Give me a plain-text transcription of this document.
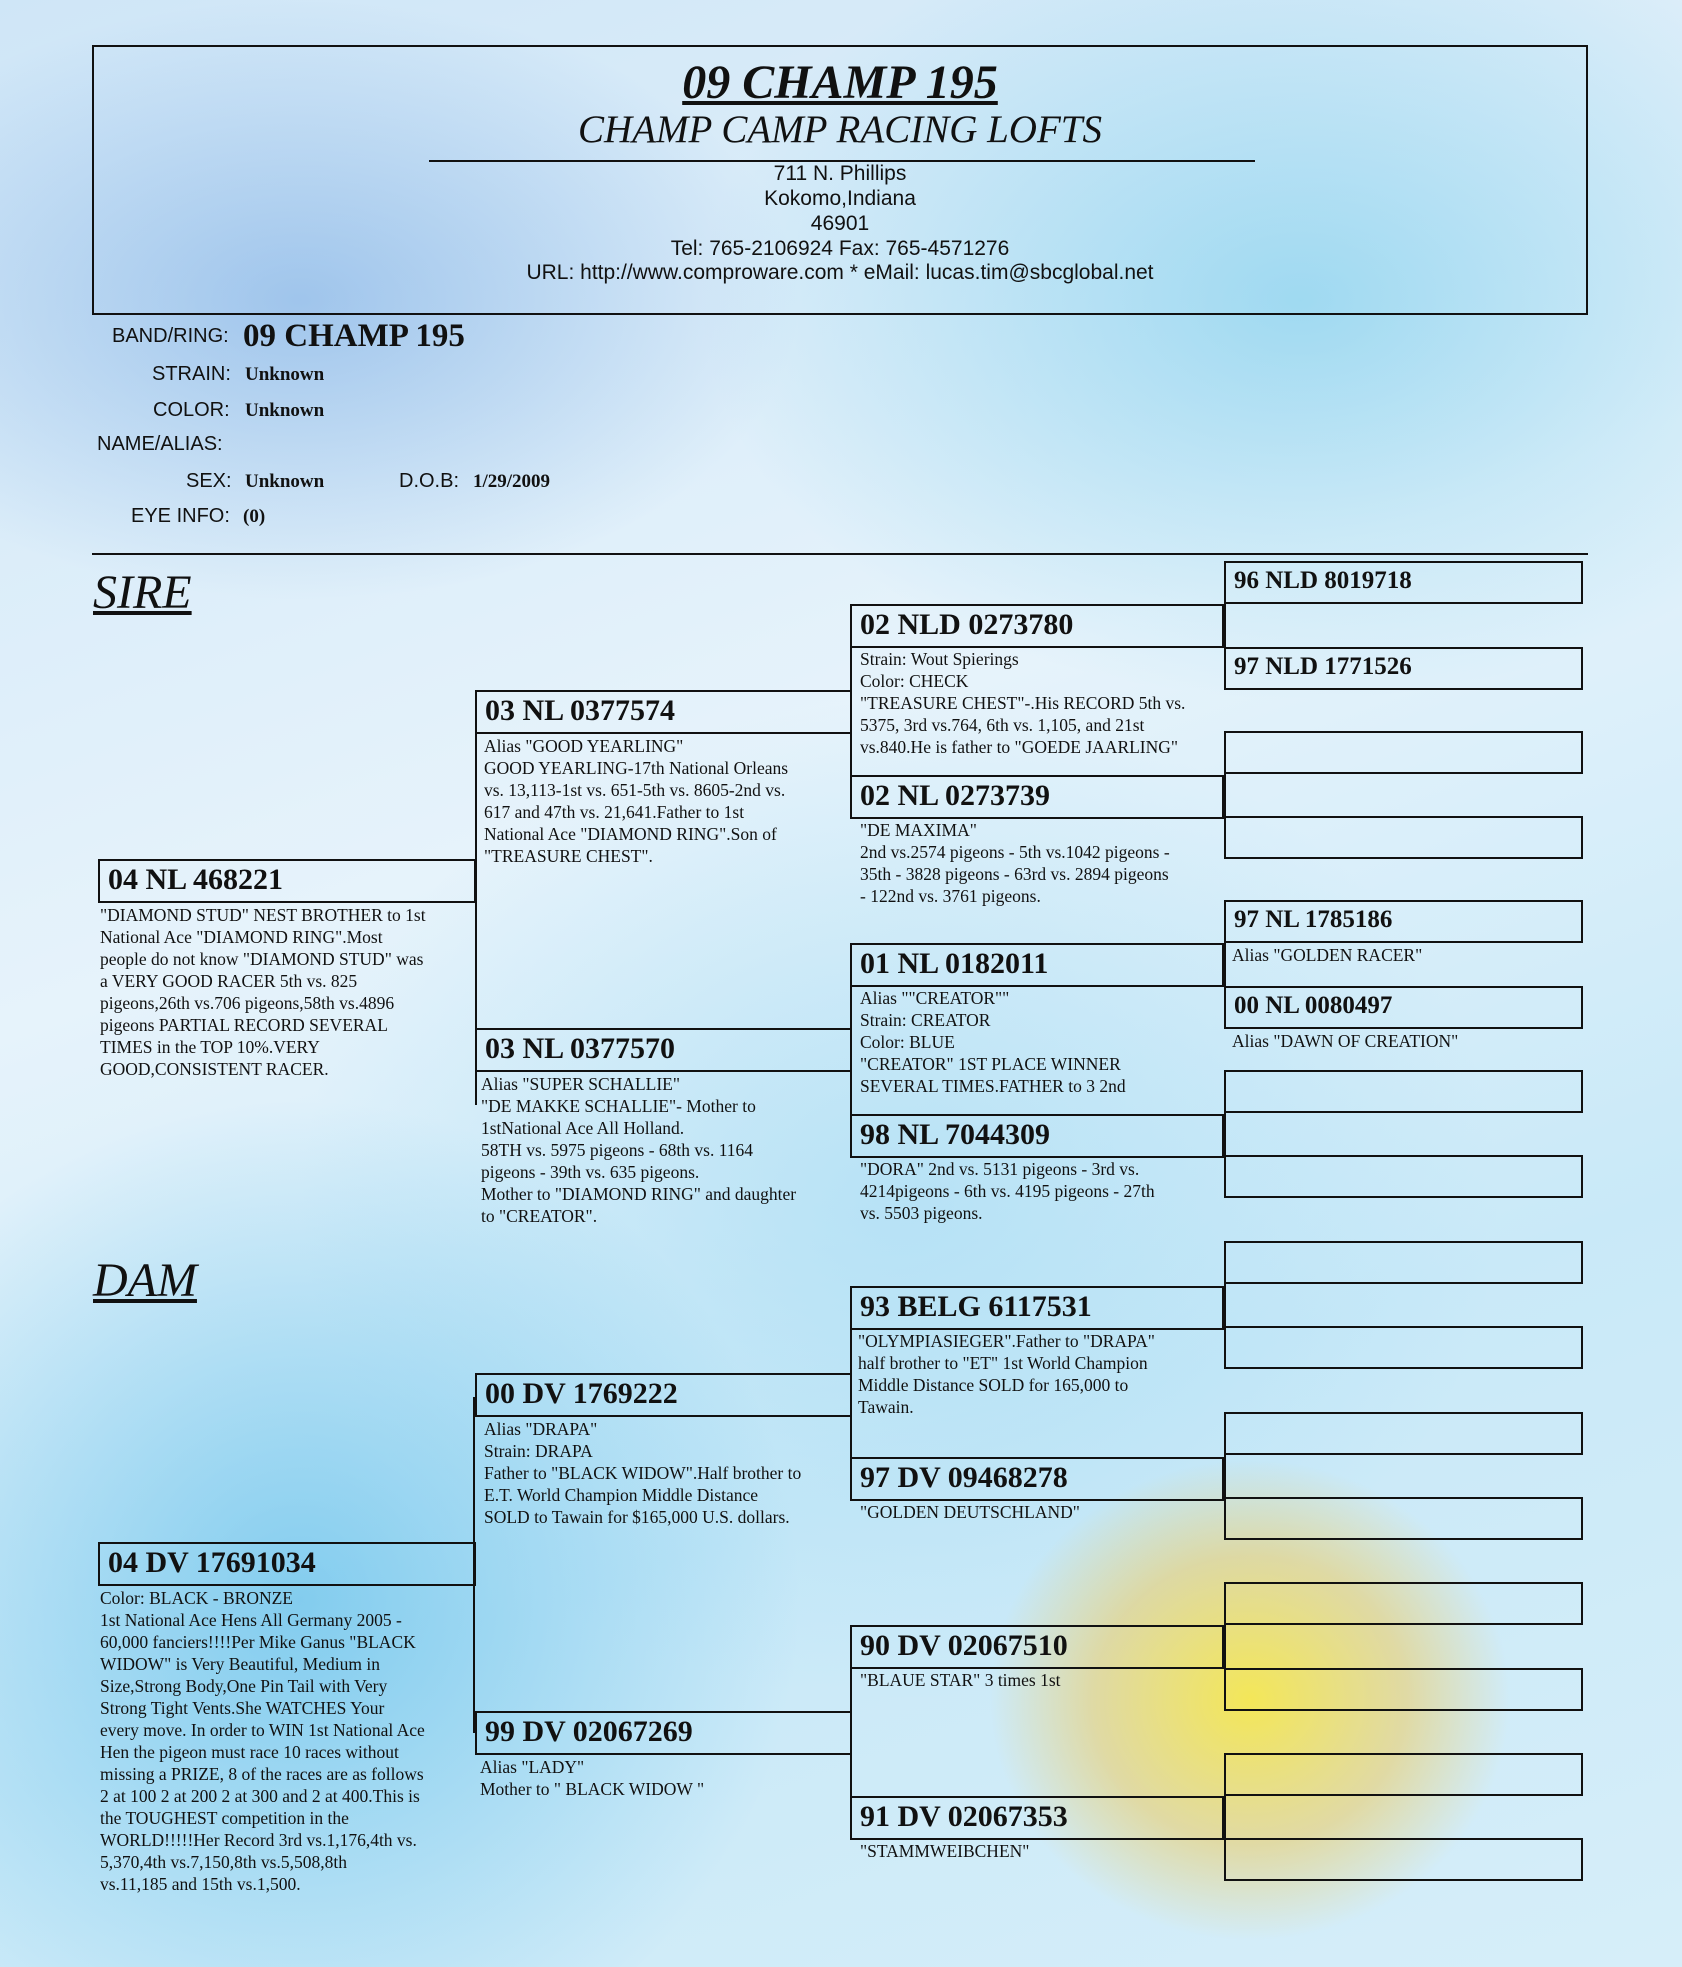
09 CHAMP 195
CHAMP CAMP RACING LOFTS
711 N. Phillips
Kokomo,Indiana
46901
Tel: 765-2106924 Fax: 765-4571276
URL: http://www.comproware.com * eMail: lucas.tim@sbcglobal.net
BAND/RING: 09 CHAMP 195
STRAIN: Unknown
COLOR: Unknown
NAME/ALIAS:
SEX: Unknown	D.O.B: 1/29/2009
EYE INFO: (0)
SIRE
DAM
04 NL 468221
"DIAMOND STUD" NEST BROTHER to 1st
National Ace "DIAMOND RING".Most
people do not know "DIAMOND STUD" was
a VERY GOOD RACER 5th vs. 825
pigeons,26th vs.706 pigeons,58th vs.4896
pigeons PARTIAL RECORD SEVERAL
TIMES in the TOP 10%.VERY
GOOD,CONSISTENT RACER.
04 DV 17691034
Color: BLACK - BRONZE
1st National Ace Hens All Germany 2005 -
60,000 fanciers!!!!Per Mike Ganus "BLACK
WIDOW" is Very Beautiful, Medium in
Size,Strong Body,One Pin Tail with Very
Strong Tight Vents.She WATCHES Your
every move. In order to WIN 1st National Ace
Hen the pigeon must race 10 races without
missing a PRIZE, 8 of the races are as follows
2 at 100 2 at 200 2 at 300 and 2 at 400.This is
the TOUGHEST competition in the
WORLD!!!!!Her Record 3rd vs.1,176,4th vs.
5,370,4th vs.7,150,8th vs.5,508,8th
vs.11,185 and 15th vs.1,500.
03 NL 0377574
Alias "GOOD YEARLING"
GOOD YEARLING-17th National Orleans
vs. 13,113-1st vs. 651-5th vs. 8605-2nd vs.
617 and 47th vs. 21,641.Father to 1st
National Ace "DIAMOND RING".Son of
"TREASURE CHEST".
03 NL 0377570
Alias "SUPER SCHALLIE"
"DE MAKKE SCHALLIE"- Mother to
1stNational Ace All Holland.
58TH vs. 5975 pigeons - 68th vs. 1164
pigeons - 39th vs. 635 pigeons.
Mother to "DIAMOND RING" and daughter
to "CREATOR".
00 DV 1769222
Alias "DRAPA"
Strain: DRAPA
Father to "BLACK WIDOW".Half brother to
E.T. World Champion Middle Distance
SOLD to Tawain for $165,000 U.S. dollars.
99 DV 02067269
Alias "LADY"
Mother to " BLACK WIDOW "
02 NLD 0273780
Strain: Wout Spierings
Color: CHECK
"TREASURE CHEST"-.His RECORD 5th vs.
5375, 3rd vs.764, 6th vs. 1,105, and 21st
vs.840.He is father to "GOEDE JAARLING"
02 NL 0273739
"DE MAXIMA"
2nd vs.2574 pigeons - 5th vs.1042 pigeons -
35th - 3828 pigeons - 63rd vs. 2894 pigeons
- 122nd vs. 3761 pigeons.
01 NL 0182011
Alias ""CREATOR""
Strain: CREATOR
Color: BLUE
"CREATOR" 1ST PLACE WINNER
SEVERAL TIMES.FATHER to 3 2nd
98 NL 7044309
"DORA" 2nd vs. 5131 pigeons - 3rd vs.
4214pigeons - 6th vs. 4195 pigeons - 27th
vs. 5503 pigeons.
93 BELG 6117531
"OLYMPIASIEGER".Father to "DRAPA"
half brother to "ET" 1st World Champion
Middle Distance SOLD for 165,000 to
Tawain.
97 DV 09468278
"GOLDEN DEUTSCHLAND"
90 DV 02067510
"BLAUE STAR" 3 times 1st
91 DV 02067353
"STAMMWEIBCHEN"
96 NLD 8019718
97 NLD 1771526
97 NL 1785186
Alias "GOLDEN RACER"
00 NL 0080497
Alias "DAWN OF CREATION"
